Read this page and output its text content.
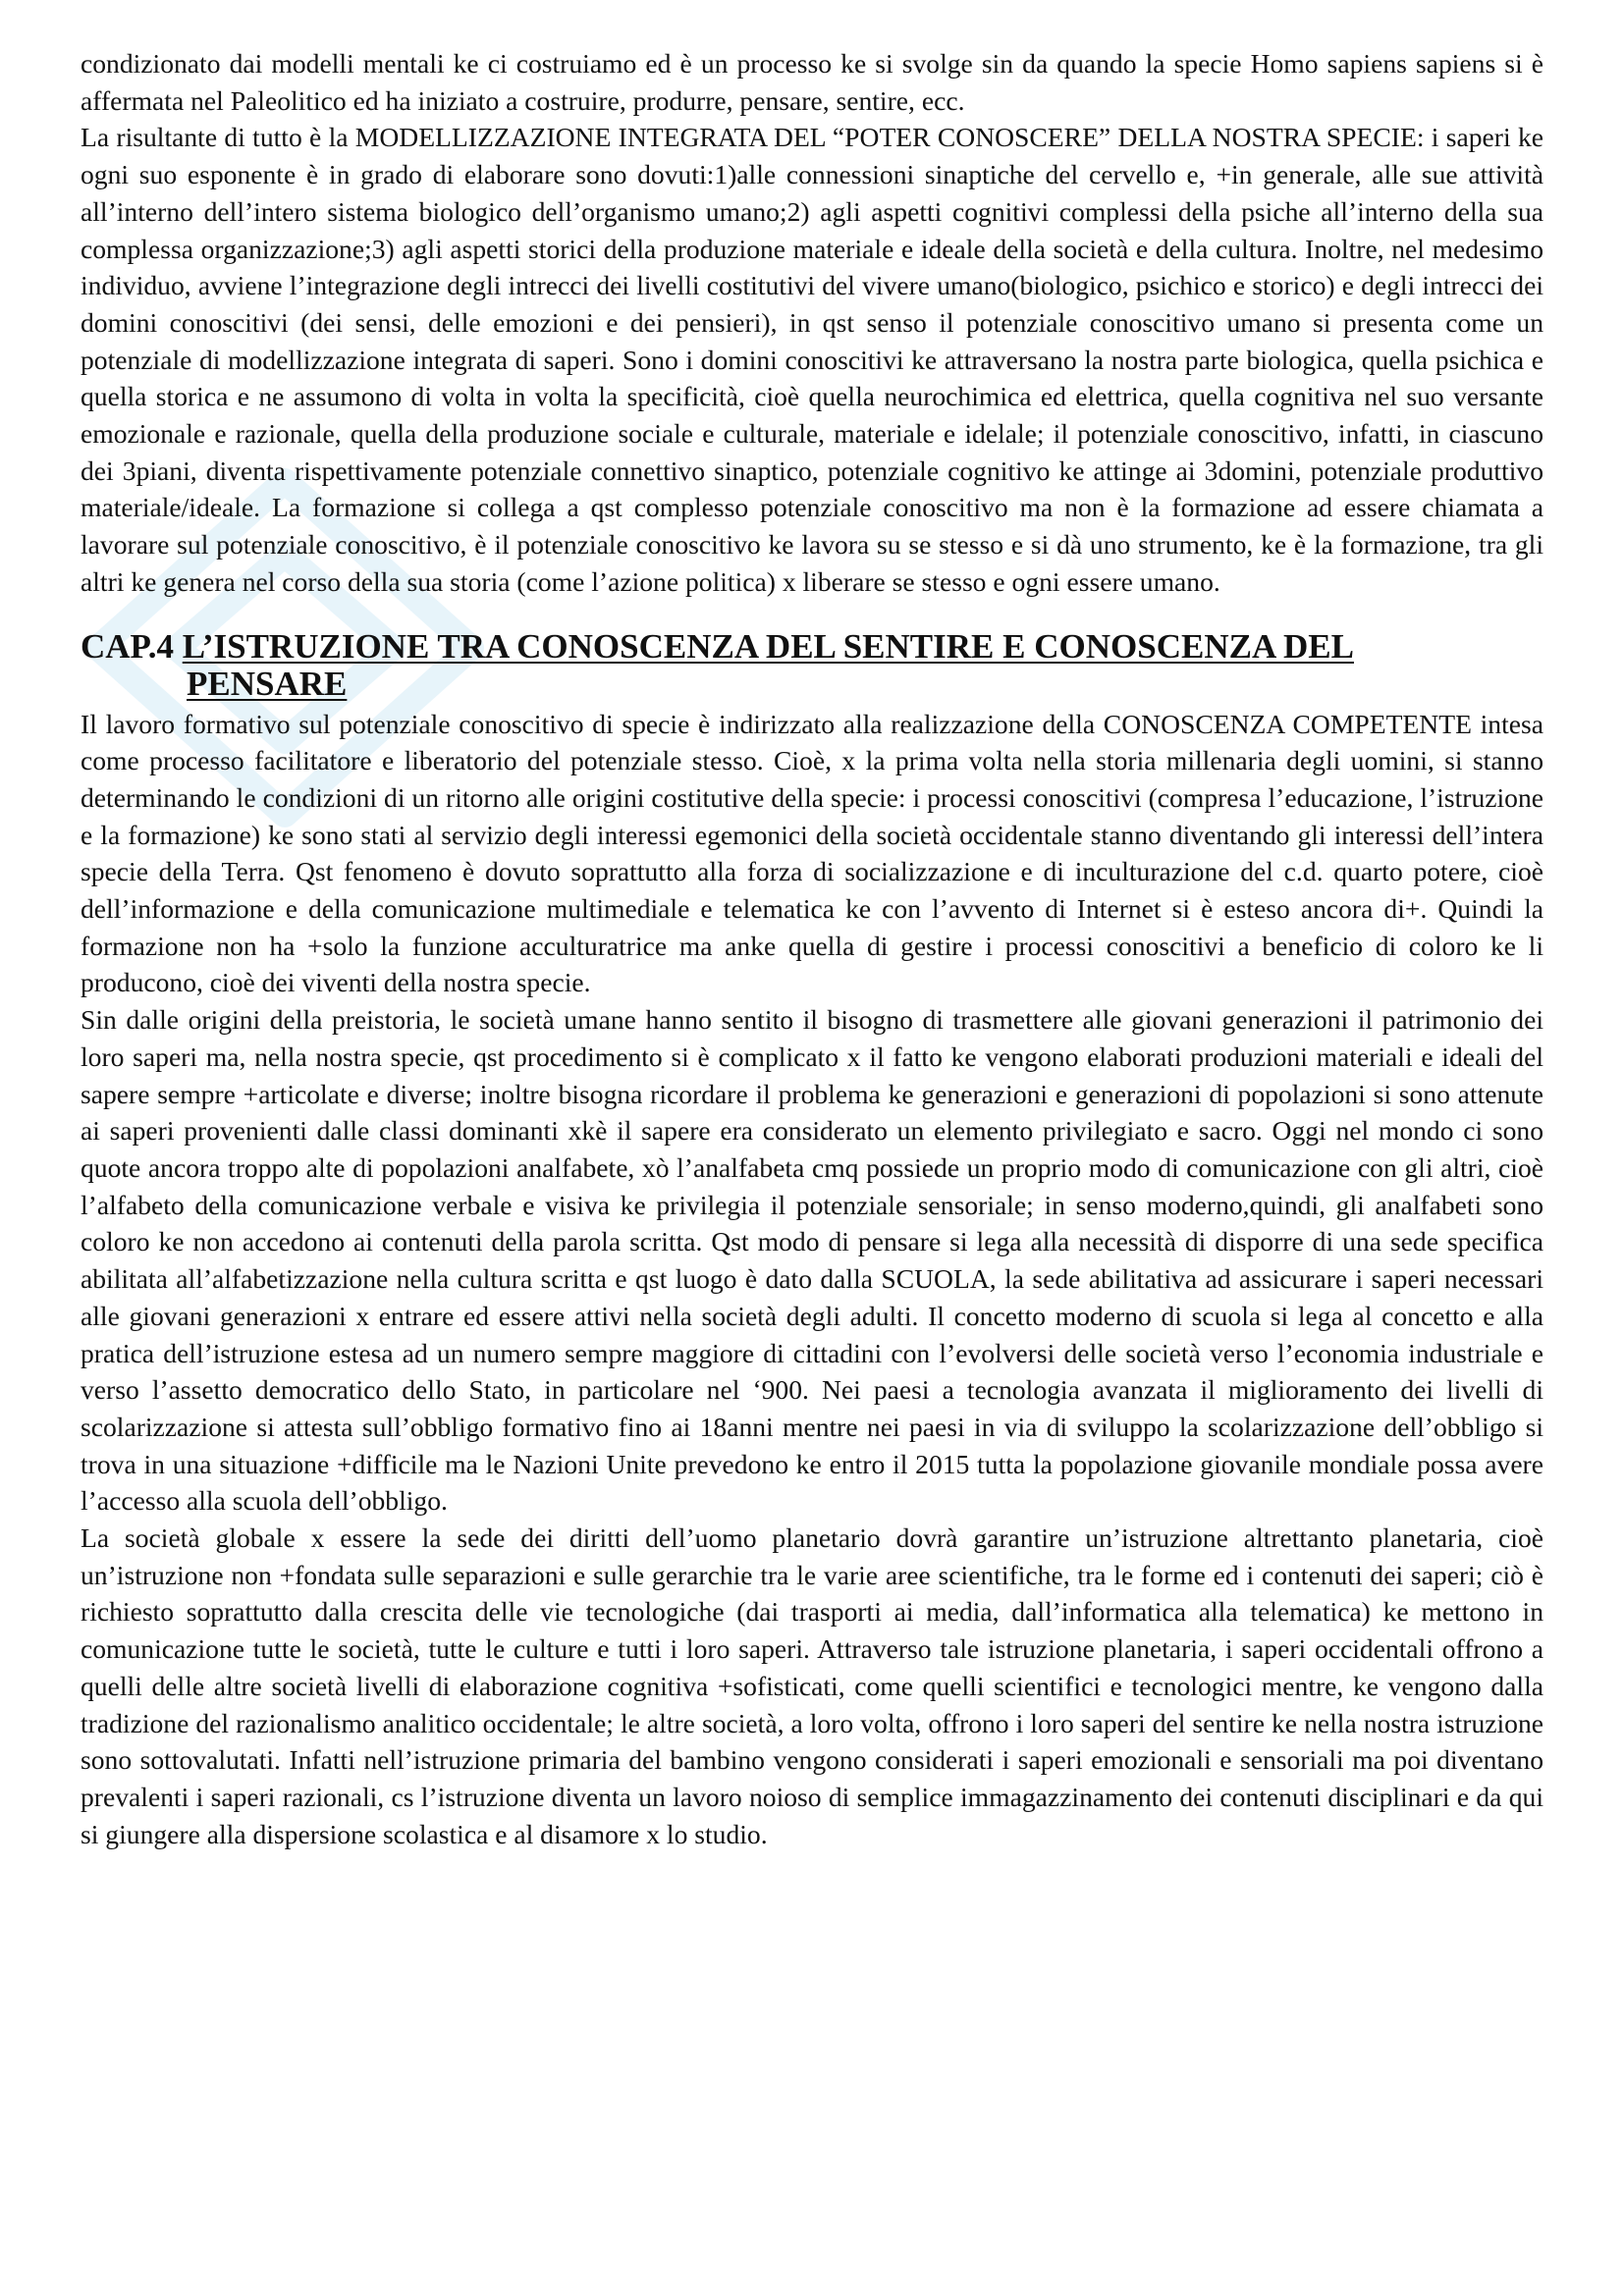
condizionato dai modelli mentali ke ci costruiamo ed è un processo ke si svolge sin da quando la specie Homo sapiens sapiens si è affermata nel Paleolitico ed ha iniziato a costruire, produrre, pensare, sentire, ecc.

La risultante di tutto è la MODELLIZZAZIONE INTEGRATA DEL “POTER CONOSCERE” DELLA NOSTRA SPECIE: i saperi ke ogni suo esponente è in grado di elaborare sono dovuti:1)alle connessioni sinaptiche del cervello e, +in generale, alle sue attività all’interno dell’intero sistema biologico dell’organismo umano;2) agli aspetti cognitivi complessi della psiche all’interno della sua complessa organizzazione;3) agli aspetti storici della produzione materiale e ideale della società e della cultura. Inoltre, nel medesimo individuo, avviene l’integrazione degli intrecci dei livelli costitutivi del vivere umano(biologico, psichico e storico) e degli intrecci dei domini conoscitivi (dei sensi, delle emozioni e dei pensieri), in qst senso il potenziale conoscitivo umano si presenta come un potenziale di modellizzazione integrata di saperi. Sono i domini conoscitivi ke attraversano la nostra parte biologica, quella psichica e quella storica e ne assumono di volta in volta la specificità, cioè quella neurochimica ed elettrica, quella cognitiva nel suo versante emozionale e razionale, quella della produzione sociale e culturale, materiale e idelale; il potenziale conoscitivo, infatti, in ciascuno dei 3piani, diventa rispettivamente potenziale connettivo sinaptico, potenziale cognitivo ke attinge ai 3domini, potenziale produttivo materiale/ideale. La formazione si collega a qst complesso potenziale conoscitivo ma non è la formazione ad essere chiamata a lavorare sul potenziale conoscitivo, è il potenziale conoscitivo ke lavora su se stesso e si dà uno strumento, ke è la formazione, tra gli altri ke genera nel corso della sua storia (come l’azione politica) x liberare se stesso e ogni essere umano.

CAP.4 L’ISTRUZIONE TRA CONOSCENZA DEL SENTIRE E CONOSCENZA DEL
PENSARE

Il lavoro formativo sul potenziale conoscitivo di specie è indirizzato alla realizzazione della CONOSCENZA COMPETENTE intesa come processo facilitatore e liberatorio del potenziale stesso. Cioè, x la prima volta nella storia millenaria degli uomini, si stanno determinando le condizioni di un ritorno alle origini costitutive della specie: i processi conoscitivi (compresa l’educazione, l’istruzione e la formazione) ke sono stati al servizio degli interessi egemonici della società occidentale stanno diventando gli interessi dell’intera specie della Terra. Qst fenomeno è dovuto soprattutto alla forza di socializzazione e di inculturazione del c.d. quarto potere, cioè dell’informazione e della comunicazione multimediale e telematica ke con l’avvento di Internet si è esteso ancora di+. Quindi la formazione non ha +solo la funzione acculturatrice ma anke quella di gestire i processi conoscitivi a beneficio di coloro ke li producono, cioè dei viventi della nostra specie.

Sin dalle origini della preistoria, le società umane hanno sentito il bisogno di trasmettere alle giovani generazioni il patrimonio dei loro saperi ma, nella nostra specie, qst procedimento si è complicato x il fatto ke vengono elaborati produzioni materiali e ideali del sapere sempre +articolate e diverse; inoltre bisogna ricordare il problema ke generazioni e generazioni di popolazioni si sono attenute ai saperi provenienti dalle classi dominanti xkè il sapere era considerato un elemento privilegiato e sacro. Oggi nel mondo ci sono quote ancora troppo alte di popolazioni analfabete, xò l’analfabeta cmq possiede un proprio modo di comunicazione con gli altri, cioè l’alfabeto della comunicazione verbale e visiva ke privilegia il potenziale sensoriale; in senso moderno,quindi, gli analfabeti sono coloro ke non accedono ai contenuti della parola scritta. Qst modo di pensare si lega alla necessità di disporre di una sede specifica abilitata all’alfabetizzazione nella cultura scritta e qst luogo è dato dalla SCUOLA, la sede abilitativa ad assicurare i saperi necessari alle giovani generazioni x entrare ed essere attivi nella società degli adulti. Il concetto moderno di scuola si lega al concetto e alla pratica dell’istruzione estesa ad un numero sempre maggiore di cittadini con l’evolversi delle società verso l’economia industriale e verso l’assetto democratico dello Stato, in particolare nel ‘900. Nei paesi a tecnologia avanzata il miglioramento dei livelli di scolarizzazione si attesta sull’obbligo formativo fino ai 18anni mentre nei paesi in via di sviluppo la scolarizzazione dell’obbligo si trova in una situazione +difficile ma le Nazioni Unite prevedono ke entro il 2015 tutta la popolazione giovanile mondiale possa avere l’accesso alla scuola dell’obbligo.

La società globale x essere la sede dei diritti dell’uomo planetario dovrà garantire un’istruzione altrettanto planetaria, cioè un’istruzione non +fondata sulle separazioni e sulle gerarchie tra le varie aree scientifiche, tra le forme ed i contenuti dei saperi; ciò è richiesto soprattutto dalla crescita delle vie tecnologiche (dai trasporti ai media, dall’informatica alla telematica) ke mettono in comunicazione tutte le società, tutte le culture e tutti i loro saperi. Attraverso tale istruzione planetaria, i saperi occidentali offrono a quelli delle altre società livelli di elaborazione cognitiva +sofisticati, come quelli scientifici e tecnologici mentre, ke vengono dalla tradizione del razionalismo analitico occidentale; le altre società, a loro volta, offrono i loro saperi del sentire ke nella nostra istruzione sono sottovalutati. Infatti nell’istruzione primaria del bambino vengono considerati i saperi emozionali e sensoriali ma poi diventano prevalenti i saperi razionali, cs l’istruzione diventa un lavoro noioso di semplice immagazzinamento dei contenuti disciplinari e da qui si giungere alla dispersione scolastica e al disamore x lo studio.
